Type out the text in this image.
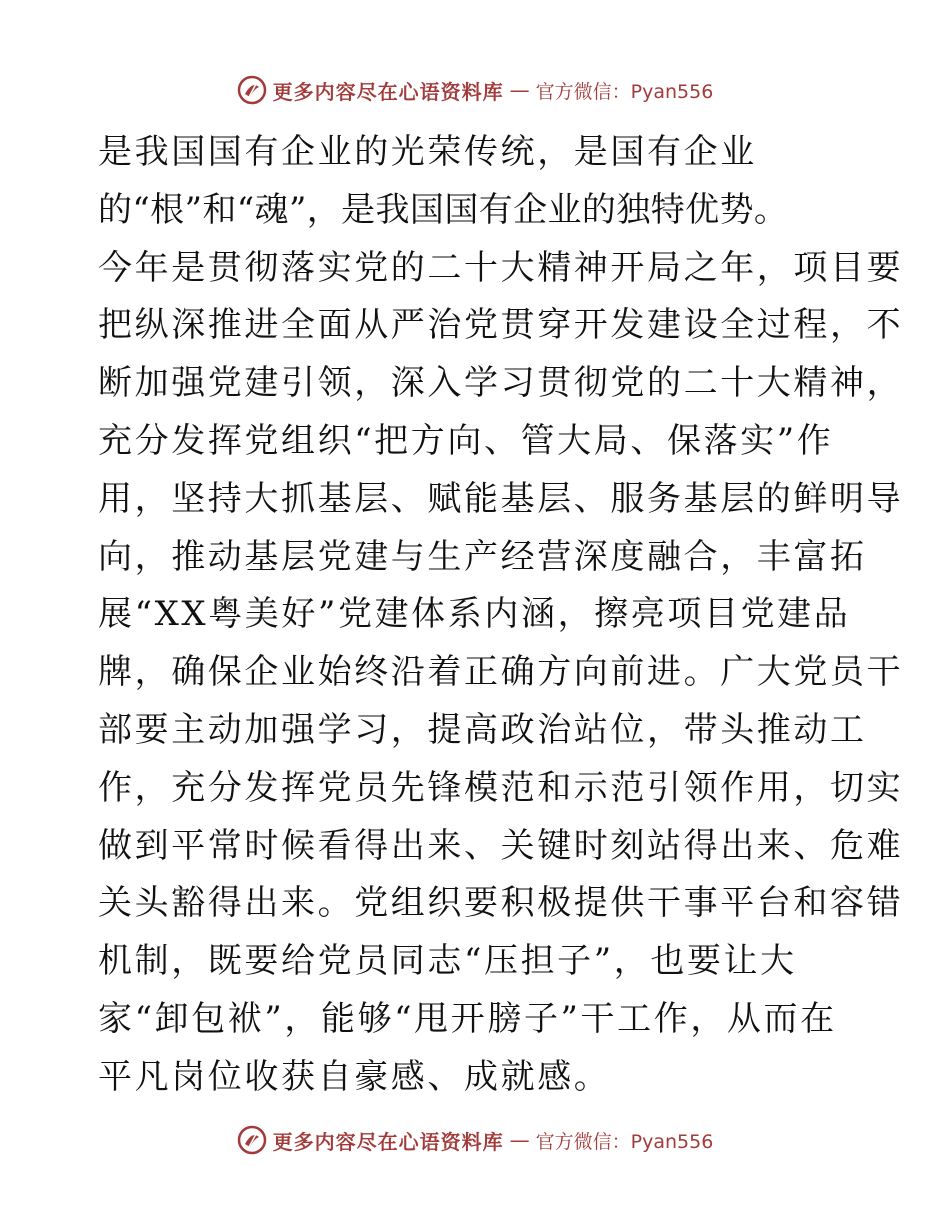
更多内容尽在心语资料库 — 官方微信：Pyan556
是我国国有企业的光荣传统，是国有企业
的“根”和“魂”，是我国国有企业的独特优势。
今年是贯彻落实党的二十大精神开局之年，项目要
把纵深推进全面从严治党贯穿开发建设全过程，不
断加强党建引领，深入学习贯彻党的二十大精神，
充分发挥党组织“把方向、管大局、保落实”作
用，坚持大抓基层、赋能基层、服务基层的鲜明导
向，推动基层党建与生产经营深度融合，丰富拓
展“XX粤美好”党建体系内涵，擦亮项目党建品
牌，确保企业始终沿着正确方向前进。广大党员干
部要主动加强学习，提高政治站位，带头推动工
作，充分发挥党员先锋模范和示范引领作用，切实
做到平常时候看得出来、关键时刻站得出来、危难
关头豁得出来。党组织要积极提供干事平台和容错
机制，既要给党员同志“压担子”，也要让大
家“卸包袱”，能够“甩开膀子”干工作，从而在
平凡岗位收获自豪感、成就感。
更多内容尽在心语资料库 — 官方微信：Pyan556
